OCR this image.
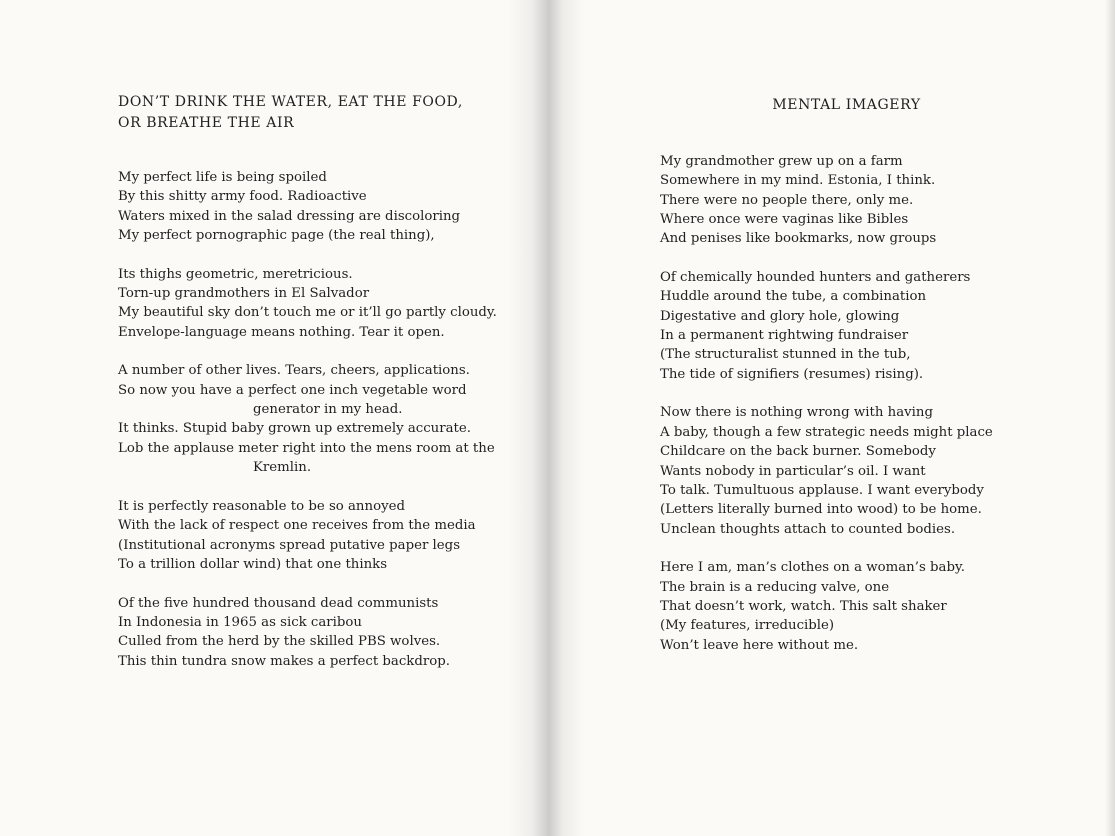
DON’T DRINK THE WATER, EAT THE FOOD,
OR BREATHE THE AIR

My perfect life is being spoiled
By this shitty army food. Radioactive
Waters mixed in the salad dressing are discoloring
My perfect pornographic page (the real thing),

Its thighs geometric, meretricious.
Torn-up grandmothers in El Salvador
My beautiful sky don’t touch me or it’ll go partly cloudy.
Envelope-language means nothing. Tear it open.

A number of other lives. Tears, cheers, applications.
So now you have a perfect one inch vegetable word
generator in my head.
It thinks. Stupid baby grown up extremely accurate.
Lob the applause meter right into the mens room at the
Kremlin.

It is perfectly reasonable to be so annoyed
With the lack of respect one receives from the media
(Institutional acronyms spread putative paper legs
To a trillion dollar wind) that one thinks

Of the five hundred thousand dead communists
In Indonesia in 1965 as sick caribou
Culled from the herd by the skilled PBS wolves.
This thin tundra snow makes a perfect backdrop.

MENTAL IMAGERY

My grandmother grew up on a farm
Somewhere in my mind. Estonia, I think.
There were no people there, only me.
Where once were vaginas like Bibles
And penises like bookmarks, now groups

Of chemically hounded hunters and gatherers
Huddle around the tube, a combination
Digestative and glory hole, glowing
In a permanent rightwing fundraiser
(The structuralist stunned in the tub,
The tide of signifiers (resumes) rising).

Now there is nothing wrong with having
A baby, though a few strategic needs might place
Childcare on the back burner. Somebody
Wants nobody in particular’s oil. I want
To talk. Tumultuous applause. I want everybody
(Letters literally burned into wood) to be home.
Unclean thoughts attach to counted bodies.

Here I am, man’s clothes on a woman’s baby.
The brain is a reducing valve, one
That doesn’t work, watch. This salt shaker
(My features, irreducible)
Won’t leave here without me.
